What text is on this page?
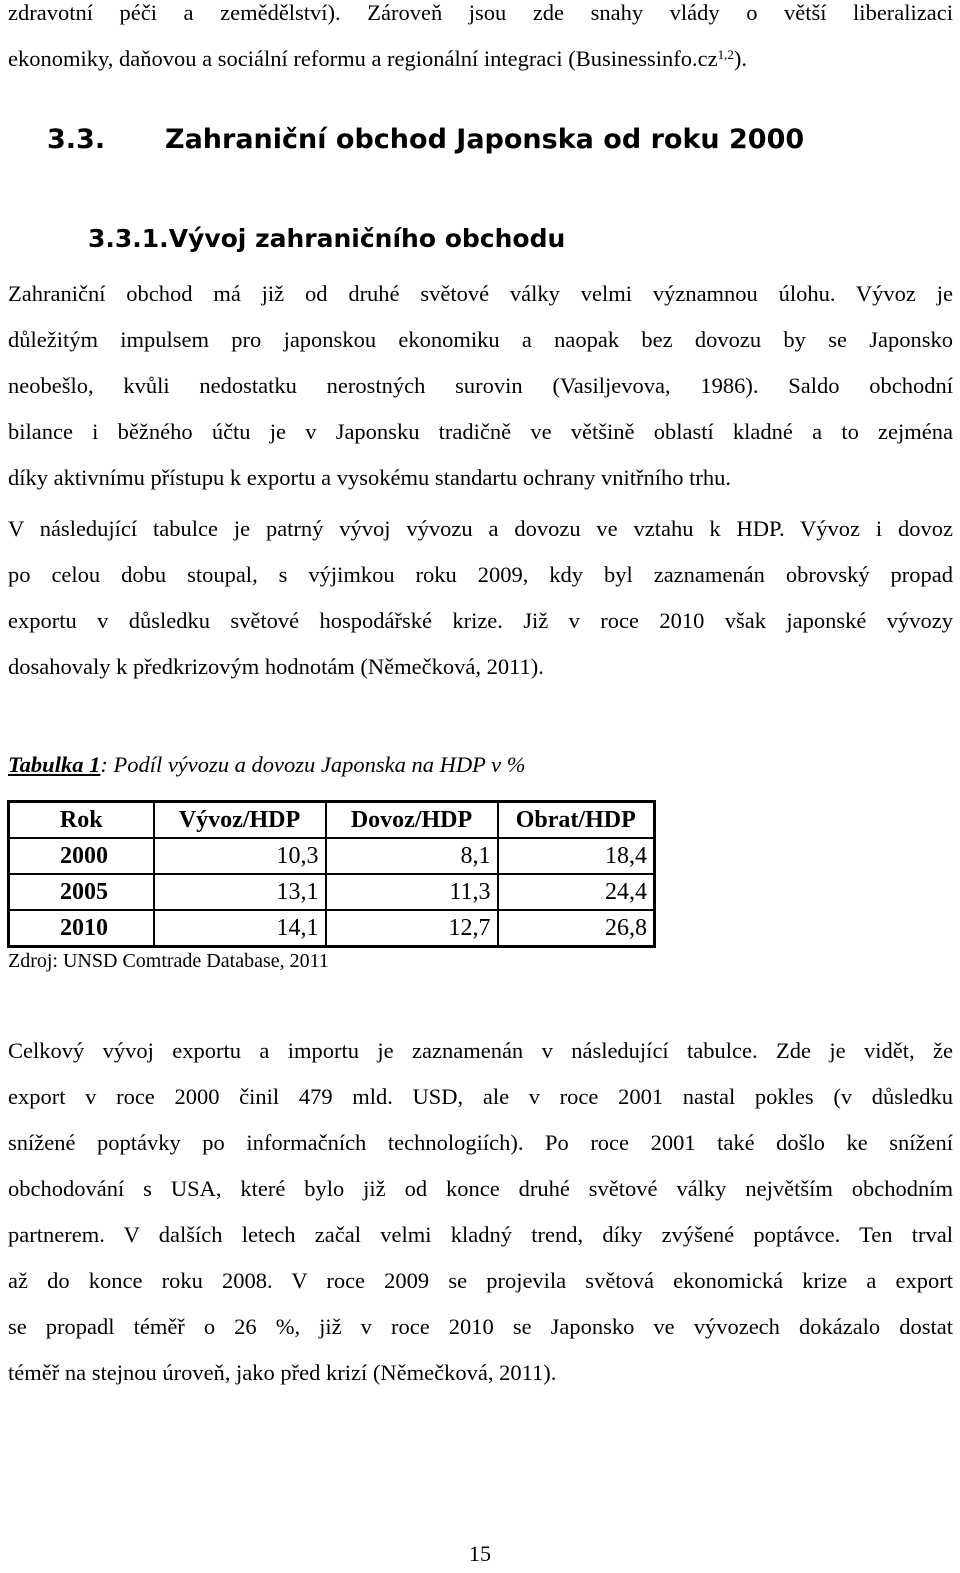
zdravotní péči a zemědělství). Zároveň jsou zde snahy vlády o větší liberalizaci
ekonomiky, daňovou a sociální reformu a regionální integraci (Businessinfo.cz$^{1,2}$).
3.3. Zahraniční obchod Japonska od roku 2000
3.3.1.Vývoj zahraničního obchodu
Zahraniční obchod má již od druhé světové války velmi významnou úlohu. Vývoz je
důležitým impulsem pro japonskou ekonomiku a naopak bez dovozu by se Japonsko
neobešlo, kvůli nedostatku nerostných surovin (Vasiljevova, 1986). Saldo obchodní
bilance i běžného účtu je v Japonsku tradičně ve většině oblastí kladné a to zejména
díky aktivnímu přístupu k exportu a vysokému standartu ochrany vnitřního trhu.
V následující tabulce je patrný vývoj vývozu a dovozu ve vztahu k HDP. Vývoz i dovoz
po celou dobu stoupal, s výjimkou roku 2009, kdy byl zaznamenán obrovský propad
exportu v důsledku světové hospodářské krize. Již v roce 2010 však japonské vývozy
dosahovaly k předkrizovým hodnotám (Němečková, 2011).
Tabulka 1: Podíl vývozu a dovozu Japonska na HDP v %
Rok	Vývoz/HDP	Dovoz/HDP	Obrat/HDP
2000	10,3	8,1	18,4
2005	13,1	11,3	24,4
2010	14,1	12,7	26,8
Zdroj: UNSD Comtrade Database, 2011
Celkový vývoj exportu a importu je zaznamenán v následující tabulce. Zde je vidět, že
export v roce 2000 činil 479 mld. USD, ale v roce 2001 nastal pokles (v důsledku
snížené poptávky po informačních technologiích). Po roce 2001 také došlo ke snížení
obchodování s USA, které bylo již od konce druhé světové války největším obchodním
partnerem. V dalších letech začal velmi kladný trend, díky zvýšené poptávce. Ten trval
až do konce roku 2008. V roce 2009 se projevila světová ekonomická krize a export
se propadl téměř o 26 %, již v roce 2010 se Japonsko ve vývozech dokázalo dostat
téměř na stejnou úroveň, jako před krizí (Němečková, 2011).
15
